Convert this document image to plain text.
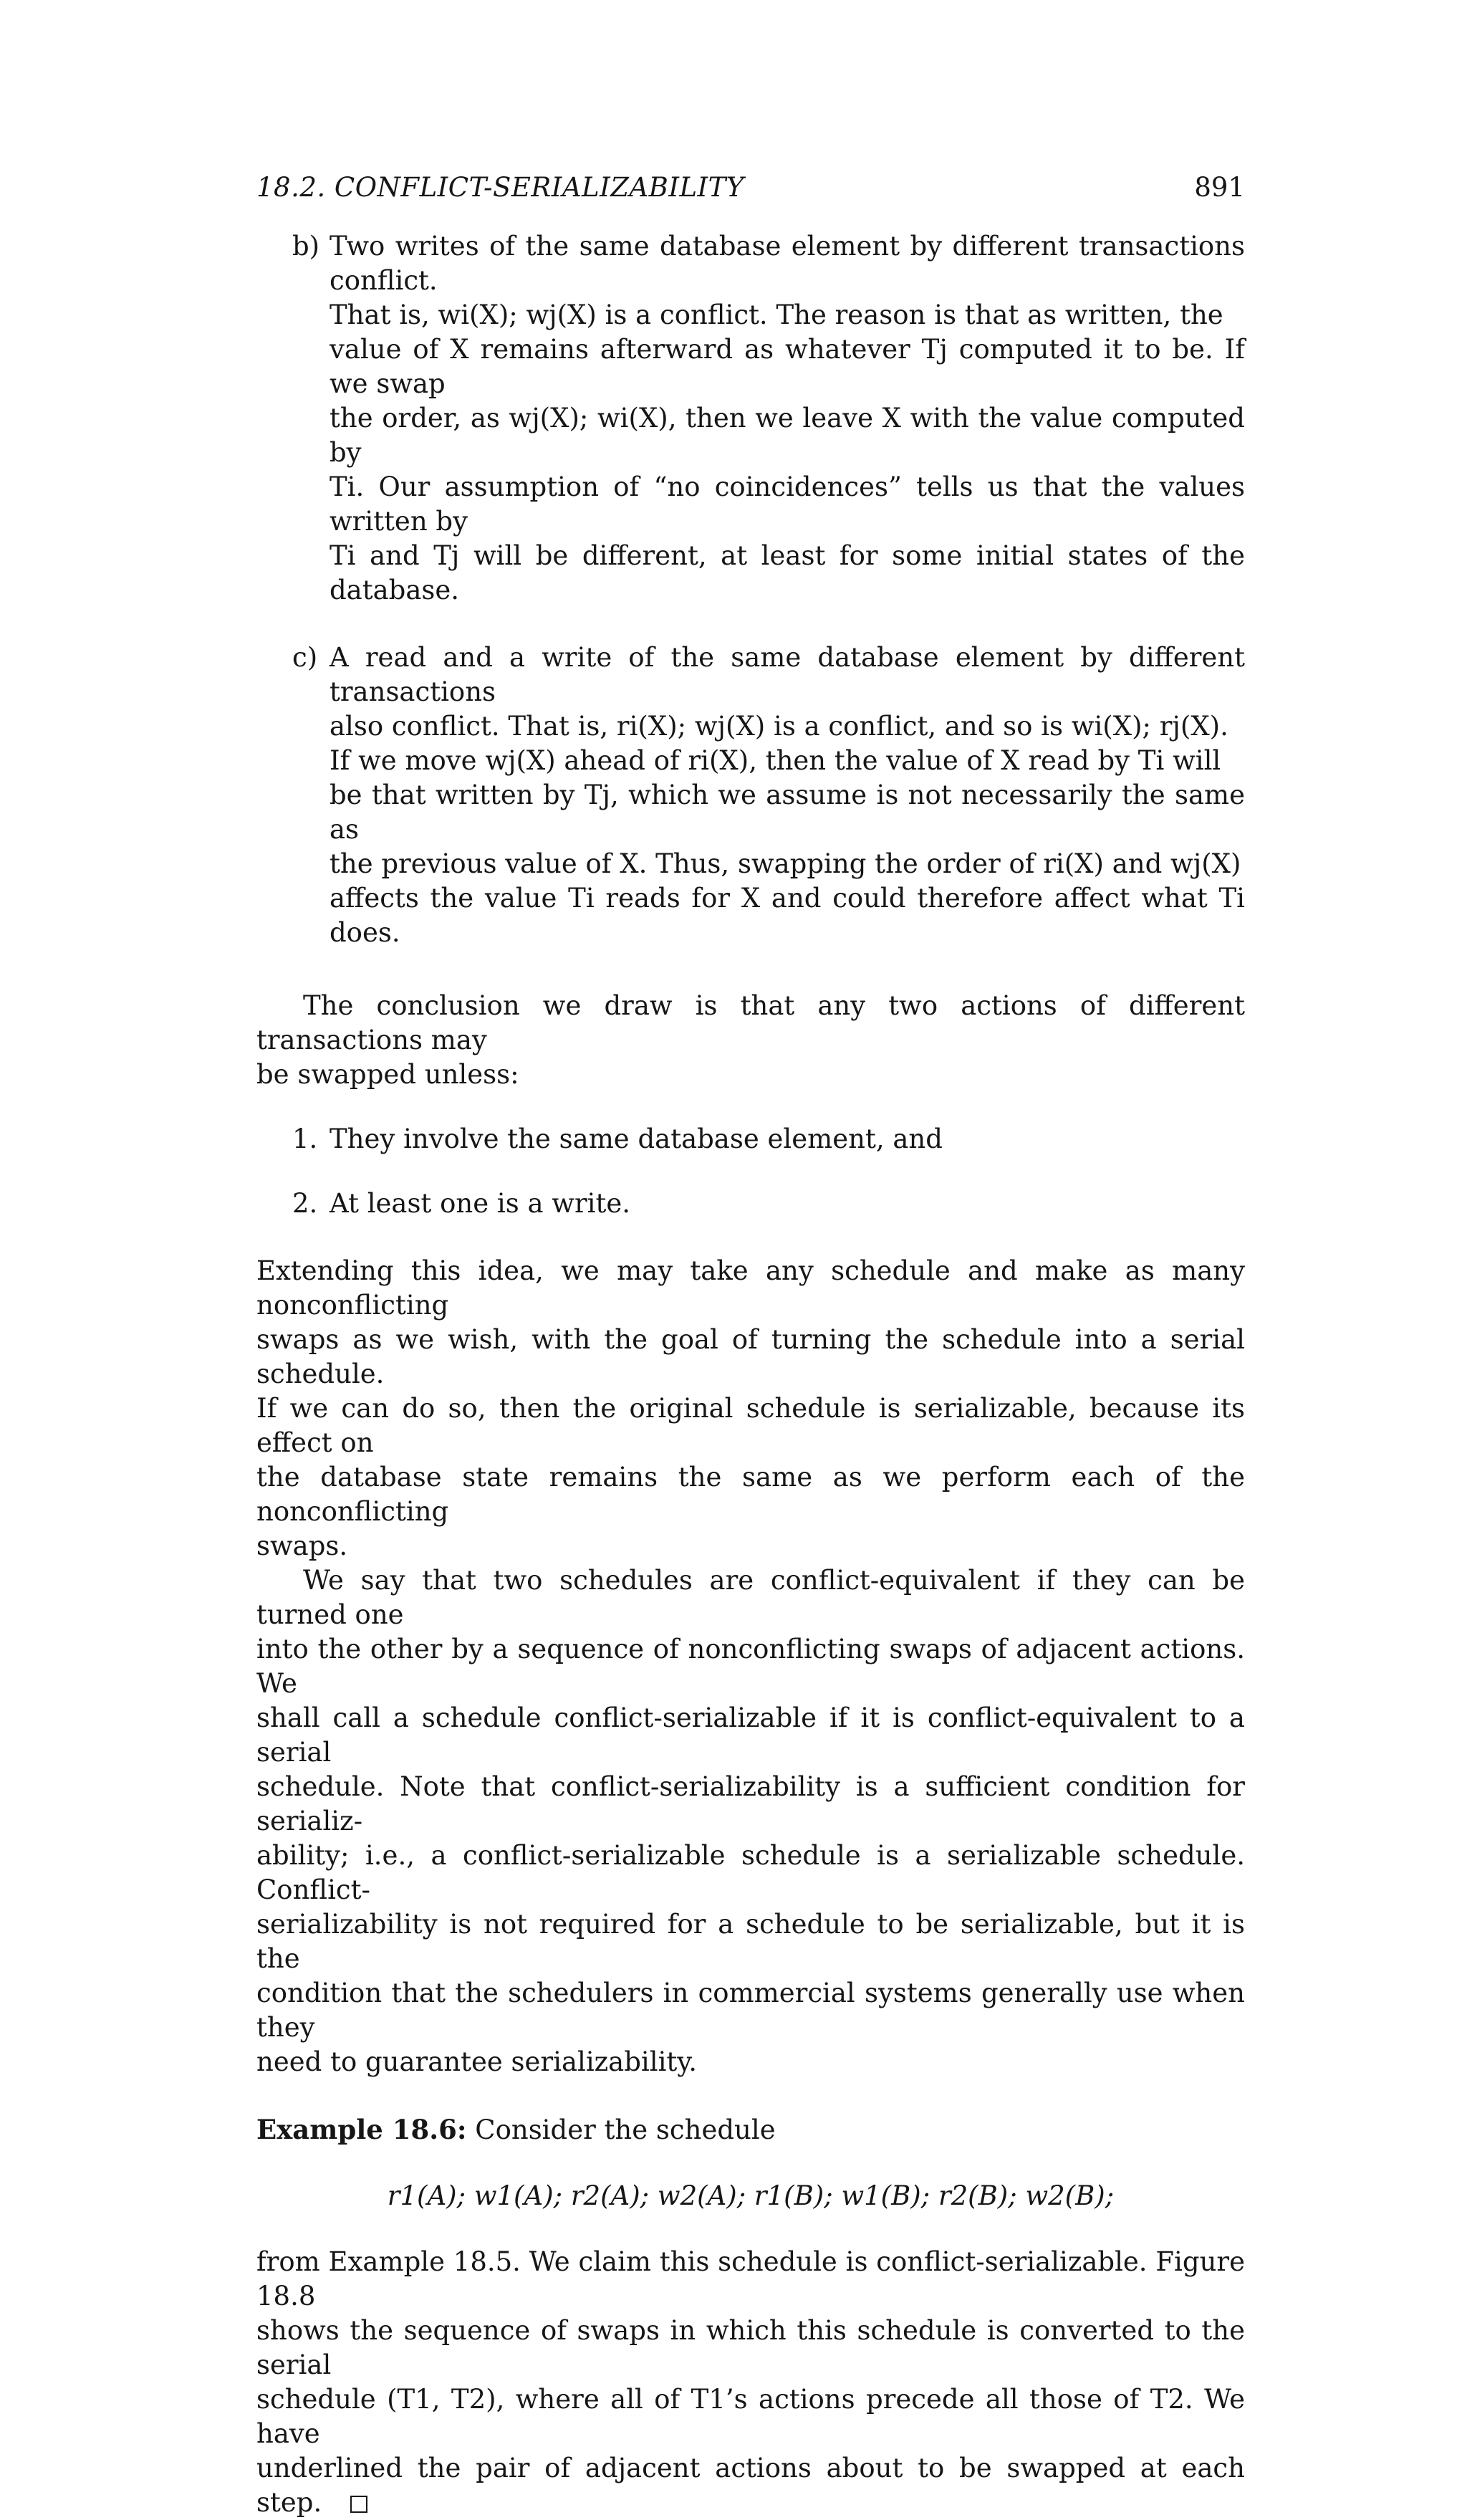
18.2. CONFLICT-SERIALIZABILITY	891
b) Two writes of the same database element by different transactions conflict.
That is, wi(X); wj(X) is a conflict. The reason is that as written, the
value of X remains afterward as whatever Tj computed it to be. If we swap
the order, as wj(X); wi(X), then we leave X with the value computed by
Ti. Our assumption of “no coincidences” tells us that the values written by
Ti and Tj will be different, at least for some initial states of the database.
c) A read and a write of the same database element by different transactions
also conflict. That is, ri(X); wj(X) is a conflict, and so is wi(X); rj(X).
If we move wj(X) ahead of ri(X), then the value of X read by Ti will
be that written by Tj, which we assume is not necessarily the same as
the previous value of X. Thus, swapping the order of ri(X) and wj(X)
affects the value Ti reads for X and could therefore affect what Ti does.

The conclusion we draw is that any two actions of different transactions may

be swapped unless:

1. They involve the same database element, and
2. At least one is a write.

Extending this idea, we may take any schedule and make as many nonconflicting

swaps as we wish, with the goal of turning the schedule into a serial schedule.

If we can do so, then the original schedule is serializable, because its effect on

the database state remains the same as we perform each of the nonconflicting

swaps.

We say that two schedules are conflict-equivalent if they can be turned one

into the other by a sequence of nonconflicting swaps of adjacent actions. We

shall call a schedule conflict-serializable if it is conflict-equivalent to a serial

schedule. Note that conflict-serializability is a sufficient condition for serializ-

ability; i.e., a conflict-serializable schedule is a serializable schedule. Conflict-

serializability is not required for a schedule to be serializable, but it is the

condition that the schedulers in commercial systems generally use when they

need to guarantee serializability.

Example 18.6: Consider the schedule

r1(A); w1(A); r2(A); w2(A); r1(B); w1(B); r2(B); w2(B);

from Example 18.5. We claim this schedule is conflict-serializable. Figure 18.8

shows the sequence of swaps in which this schedule is converted to the serial

schedule (T1, T2), where all of T1’s actions precede all those of T2. We have

underlined the pair of adjacent actions about to be swapped at each step.
